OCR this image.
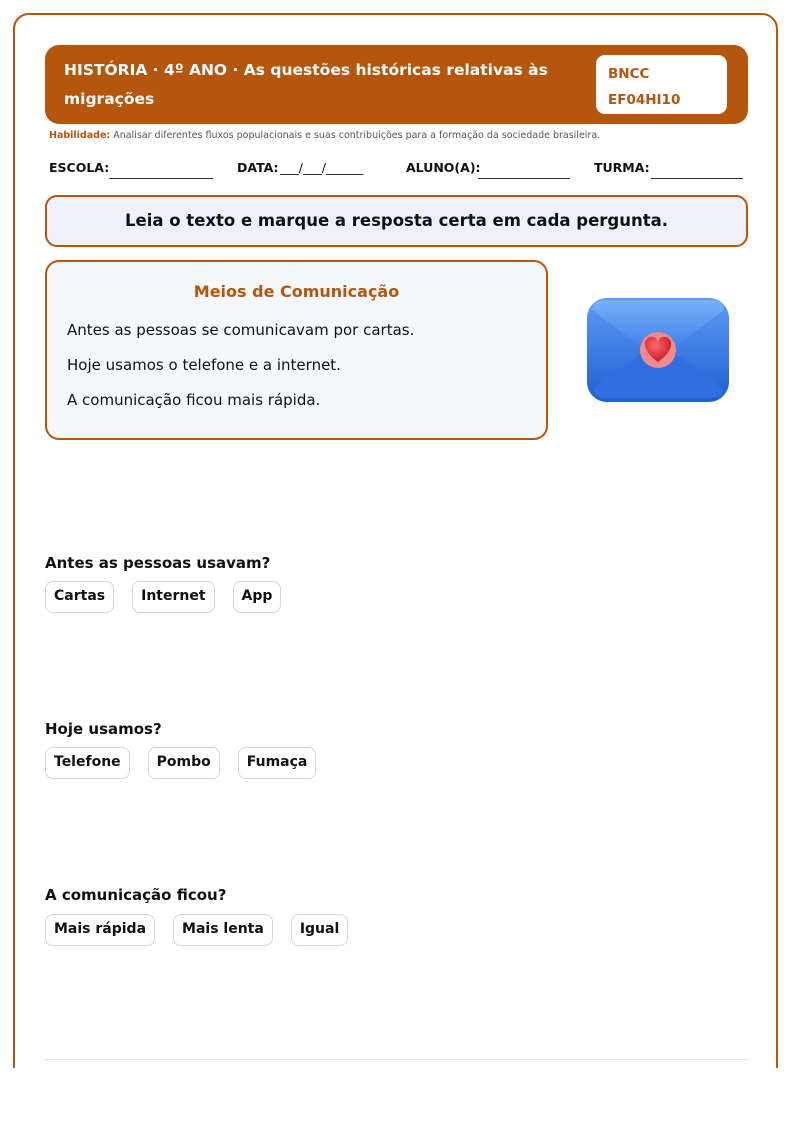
HISTÓRIA · 4º ANO · As questões históricas relativas às migrações
BNCC
EF04HI10
Habilidade: Analisar diferentes fluxos populacionais e suas contribuições para a formação da sociedade brasileira.
ESCOLA:	DATA: ___/___/______	ALUNO(A):	TURMA:
Leia o texto e marque a resposta certa em cada pergunta.
Meios de Comunicação
Antes as pessoas se comunicavam por cartas.
Hoje usamos o telefone e a internet.
A comunicação ficou mais rápida.
Antes as pessoas usavam?
Cartas	Internet	App
Hoje usamos?
Telefone	Pombo	Fumaça
A comunicação ficou?
Mais rápida	Mais lenta	Igual
